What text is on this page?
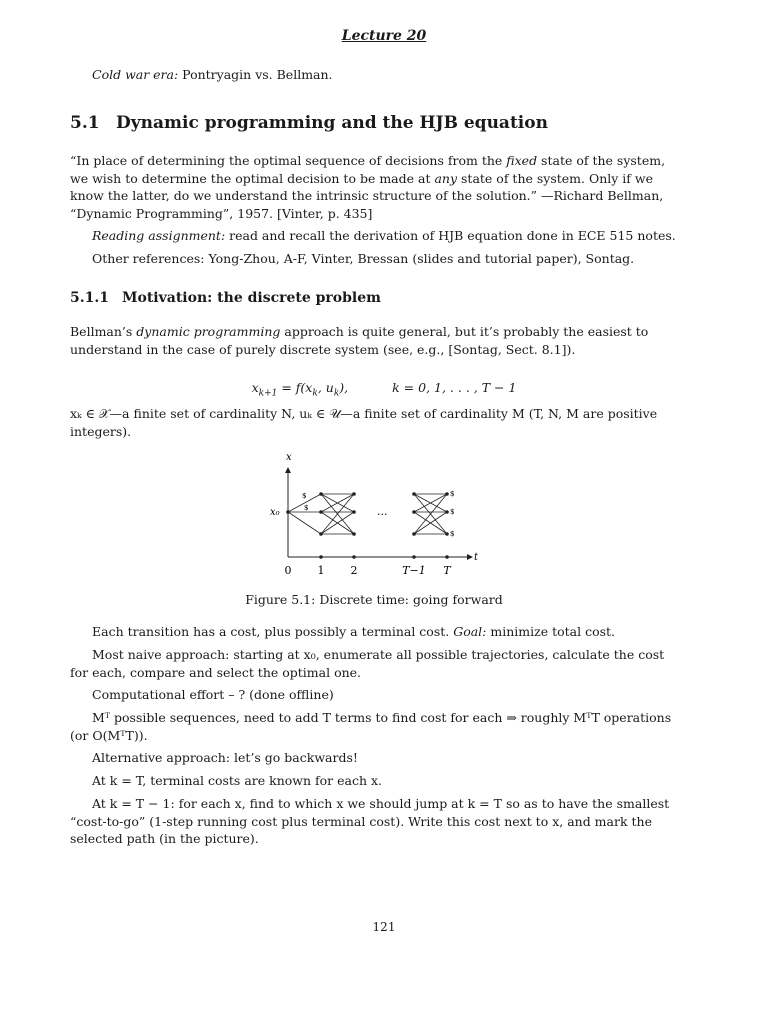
Lecture 20
Cold war era: Pontryagin vs. Bellman.
5.1 Dynamic programming and the HJB equation
“In place of determining the optimal sequence of decisions from the fixed state of the system, we wish to determine the optimal decision to be made at any state of the system. Only if we know the latter, do we understand the intrinsic structure of the solution.” —Richard Bellman, “Dynamic Programming”, 1957. [Vinter, p. 435]
Reading assignment: read and recall the derivation of HJB equation done in ECE 515 notes.
Other references: Yong-Zhou, A-F, Vinter, Bressan (slides and tutorial paper), Sontag.
5.1.1 Motivation: the discrete problem
Bellman’s dynamic programming approach is quite general, but it’s probably the easiest to understand in the case of purely discrete system (see, e.g., [Sontag, Sect. 8.1]).
$x_{k+1} = f(x_k$, $u_k$),	k = 0, 1, . . . , T − 1
xₖ ∈ 𝒳—a finite set of cardinality N, uₖ ∈ 𝒰—a finite set of cardinality M (T, N, M are positive integers).
x
t
x₀
$
$
$
$
$
...
0 1 2	T−1 T
Figure 5.1: Discrete time: going forward
Each transition has a cost, plus possibly a terminal cost. Goal: minimize total cost.
Most naive approach: starting at x₀, enumerate all possible trajectories, calculate the cost for each, compare and select the optimal one.
Computational effort – ? (done offline)
Mᵀ possible sequences, need to add T terms to find cost for each ⇒ roughly MᵀT operations (or O(MᵀT)).
Alternative approach: let’s go backwards!
At k = T, terminal costs are known for each x.
At k = T − 1: for each x, find to which x we should jump at k = T so as to have the smallest “cost-to-go” (1-step running cost plus terminal cost). Write this cost next to x, and mark the selected path (in the picture).
121
